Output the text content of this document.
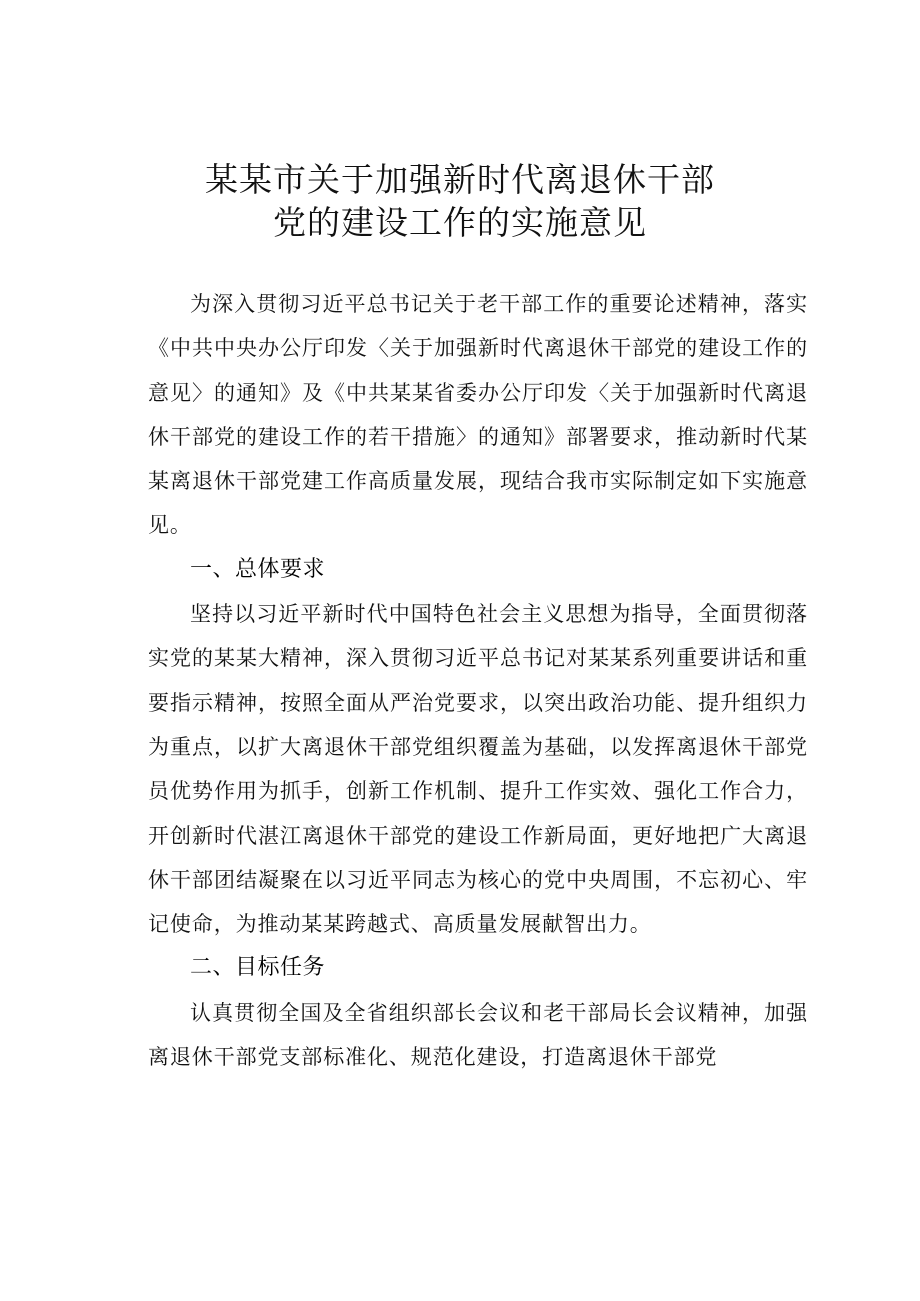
某某市关于加强新时代离退休干部
党的建设工作的实施意见

为深入贯彻习近平总书记关于老干部工作的重要论述精神，落实《中共中央办公厅印发〈关于加强新时代离退休干部党的建设工作的意见〉的通知》及《中共某某省委办公厅印发〈关于加强新时代离退休干部党的建设工作的若干措施〉的通知》部署要求，推动新时代某某离退休干部党建工作高质量发展，现结合我市实际制定如下实施意见。

一、总体要求

坚持以习近平新时代中国特色社会主义思想为指导，全面贯彻落实党的某某大精神，深入贯彻习近平总书记对某某系列重要讲话和重要指示精神，按照全面从严治党要求，以突出政治功能、提升组织力为重点，以扩大离退休干部党组织覆盖为基础，以发挥离退休干部党员优势作用为抓手，创新工作机制、提升工作实效、强化工作合力，开创新时代湛江离退休干部党的建设工作新局面，更好地把广大离退休干部团结凝聚在以习近平同志为核心的党中央周围，不忘初心、牢记使命，为推动某某跨越式、高质量发展献智出力。

二、目标任务

认真贯彻全国及全省组织部长会议和老干部局长会议精神，加强离退休干部党支部标准化、规范化建设，打造离退休干部党
